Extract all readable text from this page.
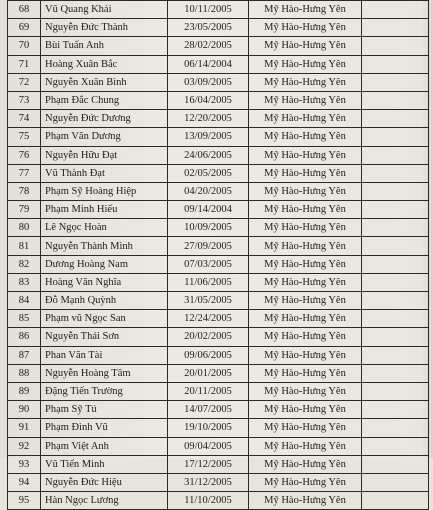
68	Vũ Quang Khải	10/11/2005	Mỹ Hào-Hưng Yên	
69	Nguyễn Đức Thành	23/05/2005	Mỹ Hào-Hưng Yên	
70	Bùi Tuấn Anh	28/02/2005	Mỹ Hào-Hưng Yên	
71	Hoàng Xuân Bắc	06/14/2004	Mỹ Hào-Hưng Yên	
72	Nguyễn Xuân Bình	03/09/2005	Mỹ Hào-Hưng Yên	
73	Phạm Đắc Chung	16/04/2005	Mỹ Hào-Hưng Yên	
74	Nguyễn Đức Dương	12/20/2005	Mỹ Hào-Hưng Yên	
75	Phạm Văn Dương	13/09/2005	Mỹ Hào-Hưng Yên	
76	Nguyễn Hữu Đạt	24/06/2005	Mỹ Hào-Hưng Yên	
77	Vũ Thành Đạt	02/05/2005	Mỹ Hào-Hưng Yên	
78	Phạm Sỹ Hoàng Hiệp	04/20/2005	Mỹ Hào-Hưng Yên	
79	Phạm Minh Hiếu	09/14/2004	Mỹ Hào-Hưng Yên	
80	Lê Ngọc Hoàn	10/09/2005	Mỹ Hào-Hưng Yên	
81	Nguyễn Thành Minh	27/09/2005	Mỹ Hào-Hưng Yên	
82	Dương Hoàng Nam	07/03/2005	Mỹ Hào-Hưng Yên	
83	Hoàng Văn Nghĩa	11/06/2005	Mỹ Hào-Hưng Yên	
84	Đỗ Mạnh Quỳnh	31/05/2005	Mỹ Hào-Hưng Yên	
85	Phạm vũ Ngọc San	12/24/2005	Mỹ Hào-Hưng Yên	
86	Nguyễn Thái Sơn	20/02/2005	Mỹ Hào-Hưng Yên	
87	Phan Văn Tài	09/06/2005	Mỹ Hào-Hưng Yên	
88	Nguyễn Hoàng Tâm	20/01/2005	Mỹ Hào-Hưng Yên	
89	Đặng Tiến Trường	20/11/2005	Mỹ Hào-Hưng Yên	
90	Phạm Sỹ Tú	14/07/2005	Mỹ Hào-Hưng Yên	
91	Phạm Đình Vũ	19/10/2005	Mỹ Hào-Hưng Yên	
92	Phạm Việt Anh	09/04/2005	Mỹ Hào-Hưng Yên	
93	Vũ Tiến Minh	17/12/2005	Mỹ Hào-Hưng Yên	
94	Nguyễn Đức Hiệu	31/12/2005	Mỹ Hào-Hưng Yên	
95	Hàn Ngọc Lương	11/10/2005	Mỹ Hào-Hưng Yên	
